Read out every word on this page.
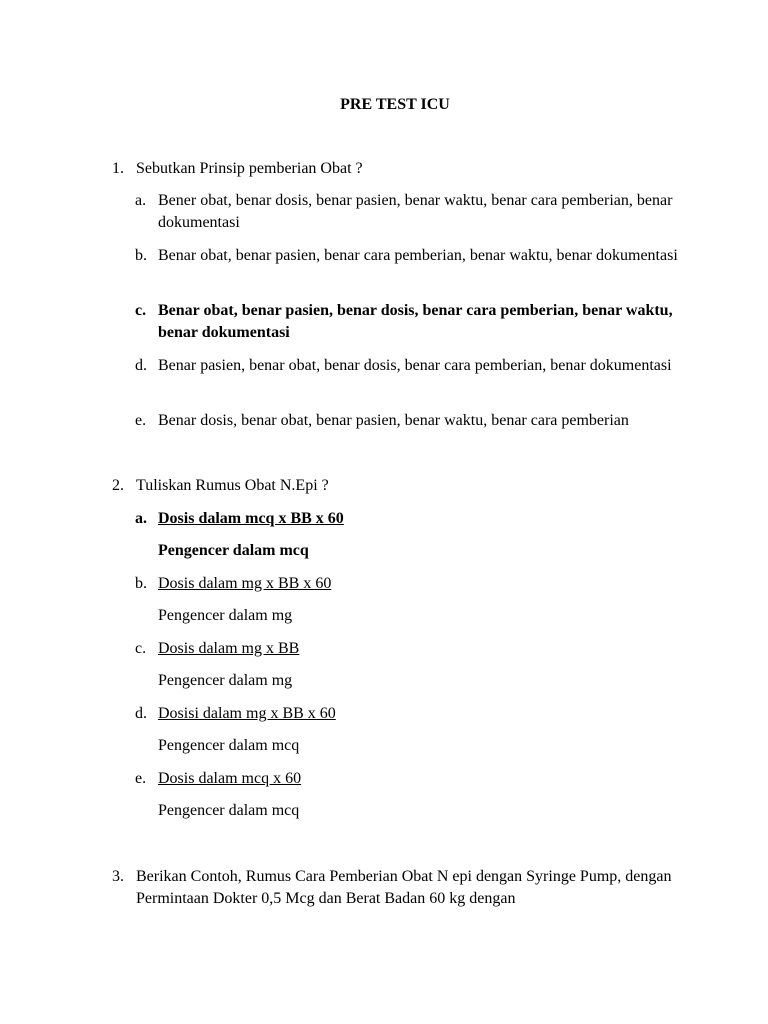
PRE TEST ICU
1. Sebutkan Prinsip pemberian Obat ?
a. Bener obat, benar dosis, benar pasien, benar waktu, benar cara pemberian, benar dokumentasi
b. Benar obat, benar pasien, benar cara pemberian, benar waktu, benar dokumentasi
c. Benar obat, benar pasien, benar dosis, benar cara pemberian, benar waktu, benar dokumentasi
d. Benar pasien, benar obat, benar dosis, benar cara pemberian, benar dokumentasi
e. Benar dosis, benar obat, benar pasien, benar waktu, benar cara pemberian
2. Tuliskan Rumus Obat N.Epi ?
a. Dosis dalam mcq x BB x 60
Pengencer dalam mcq
b. Dosis dalam mg x BB x 60
Pengencer dalam mg
c. Dosis dalam mg x BB
Pengencer dalam mg
d. Dosisi dalam mg x BB x 60
Pengencer dalam mcq
e. Dosis dalam mcq x 60
Pengencer dalam mcq
3. Berikan Contoh, Rumus Cara Pemberian Obat N epi dengan Syringe Pump, dengan Permintaan Dokter 0,5 Mcg dan Berat Badan 60 kg dengan
